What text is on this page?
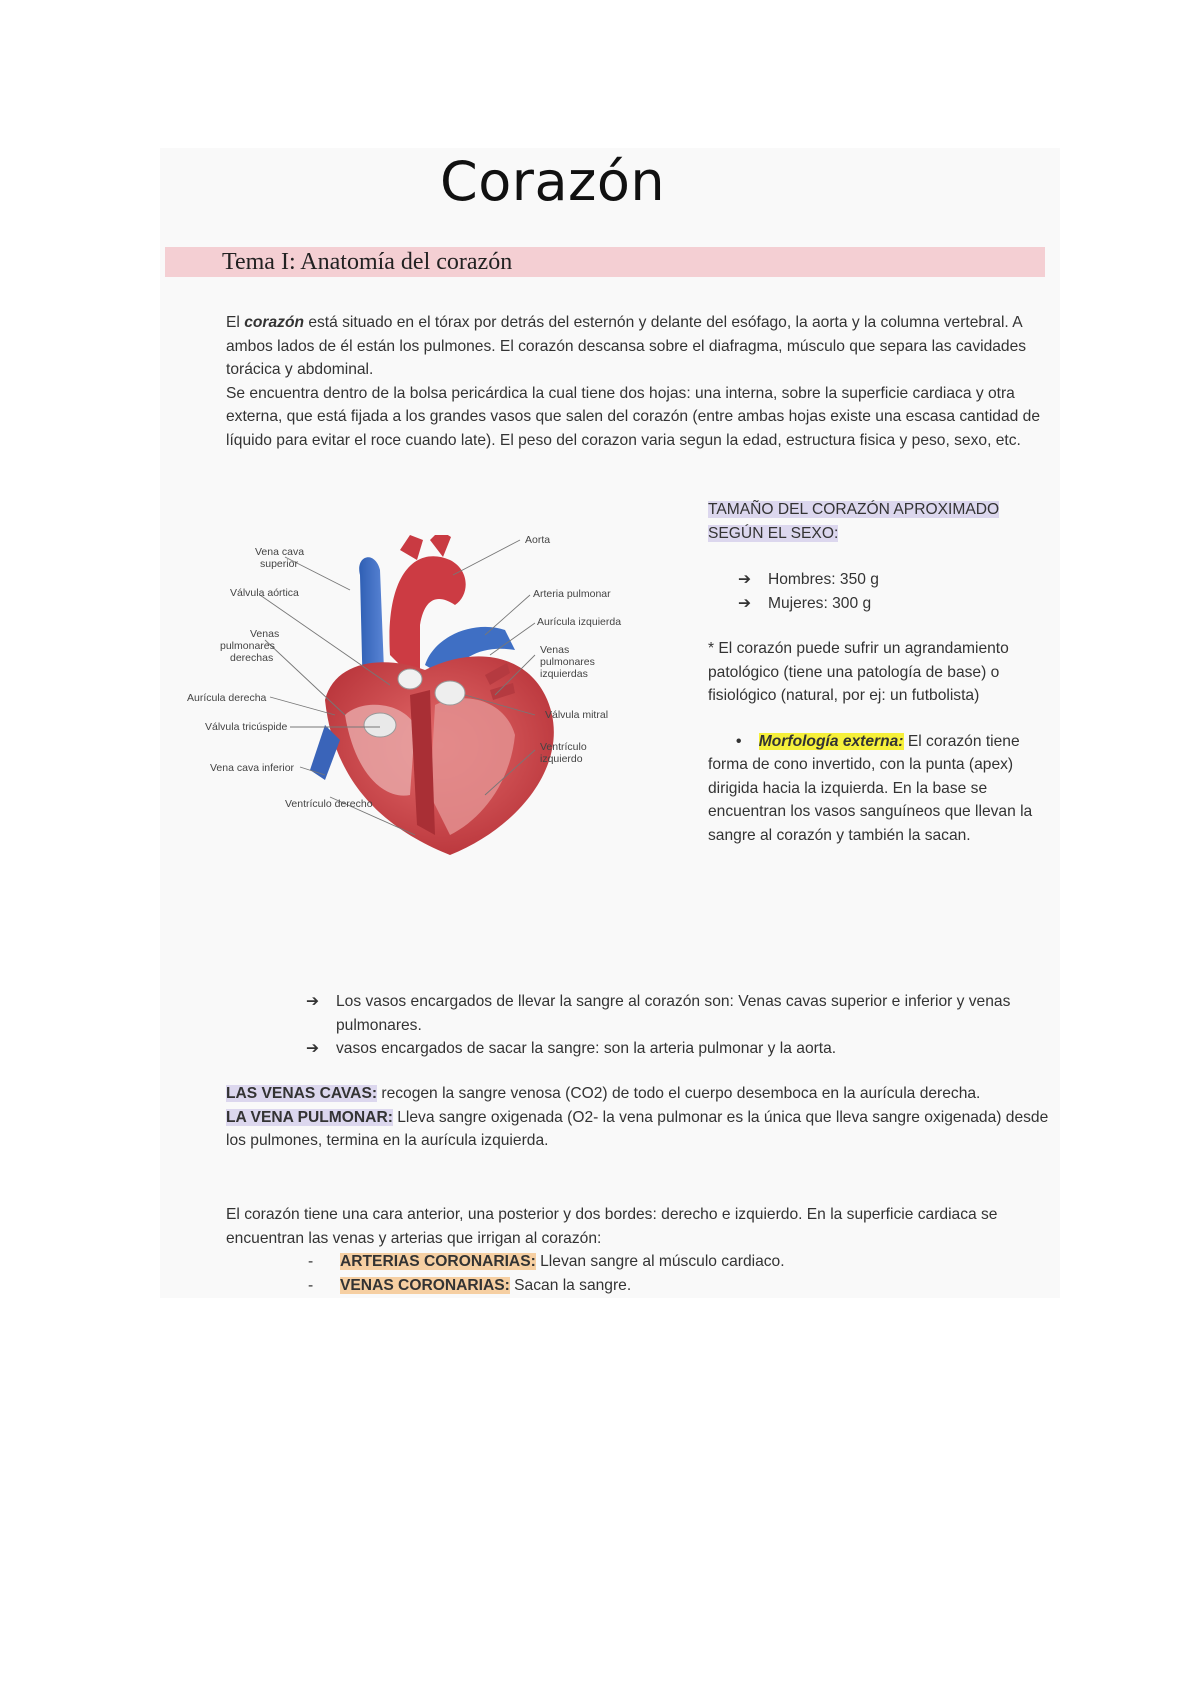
Corazón
Tema I: Anatomía del corazón

El corazón está situado en el tórax por detrás del esternón y delante del esófago, la aorta y la columna vertebral. A ambos lados de él están los pulmones. El corazón descansa sobre el diafragma, músculo que separa las cavidades torácica y abdominal.

Se encuentra dentro de la bolsa pericárdica la cual tiene dos hojas: una interna, sobre la superficie cardiaca y otra externa, que está fijada a los grandes vasos que salen del corazón (entre ambas hojas existe una escasa cantidad de líquido para evitar el roce cuando late). El peso del corazon varia segun la edad, estructura fisica y peso, sexo, etc.

Vena cava
superior
Aorta
Arteria pulmonar
Válvula aórtica
Aurícula izquierda
Venas
pulmonares
derechas
Venas
pulmonares
izquierdas
Aurícula derecha
Válvula mitral
Válvula tricúspide
Ventrículo
izquierdo
Vena cava inferior
Ventrículo derecho
TAMAÑO DEL CORAZÓN APROXIMADO
SEGÚN EL SEXO:
➔ Hombres: 350 g
➔ Mujeres: 300 g
* El corazón puede sufrir un agrandamiento patológico (tiene una patología de base) o fisiológico (natural, por ej: un futbolista)
•    Morfología externa: El corazón tiene forma de cono invertido, con la punta (apex) dirigida hacia la izquierda. En la base se encuentran los vasos sanguíneos que llevan la sangre al corazón y también la sacan.
➔ Los vasos encargados de llevar la sangre al corazón son: Venas cavas superior e inferior y venas pulmonares.
➔ vasos encargados de sacar la sangre: son la arteria pulmonar y la aorta.

LAS VENAS CAVAS: recogen la sangre venosa (CO2) de todo el cuerpo desemboca en la aurícula derecha.

LA VENA PULMONAR: Lleva sangre oxigenada (O2- la vena pulmonar es la única que lleva sangre oxigenada) desde los pulmones, termina en la aurícula izquierda.

El corazón tiene una cara anterior, una posterior y dos bordes: derecho e izquierdo. En la superficie cardiaca se encuentran las venas y arterias que irrigan al corazón:

- ARTERIAS CORONARIAS: Llevan sangre al músculo cardiaco.
- VENAS CORONARIAS: Sacan la sangre.
